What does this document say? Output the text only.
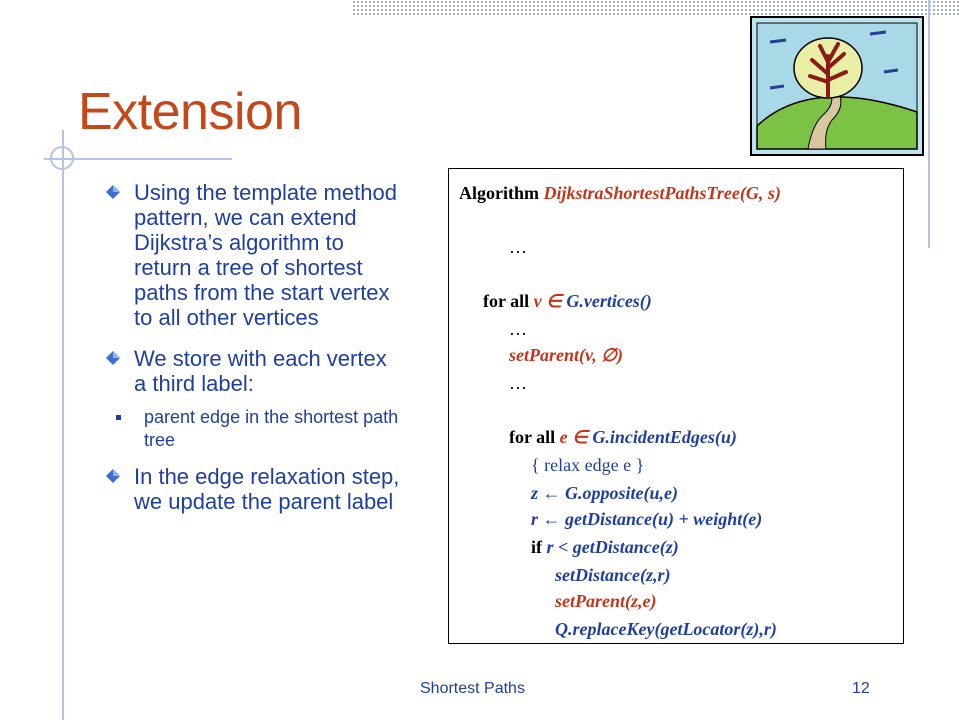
Extension
Using the template method pattern, we can extend Dijkstra’s algorithm to return a tree of shortest paths from the start vertex to all other vertices
We store with each vertex a third label:
parent edge in the shortest path tree
In the edge relaxation step, we update the parent label
Algorithm DijkstraShortestPathsTree(G, s)
…
for all v ∈ G.vertices()
…
setParent(v, ∅)
…
for all e ∈ G.incidentEdges(u)
{ relax edge e }
z ← G.opposite(u,e)
r ← getDistance(u) + weight(e)
if r < getDistance(z)
setDistance(z,r)
setParent(z,e)
Q.replaceKey(getLocator(z),r)
Shortest Paths	12
